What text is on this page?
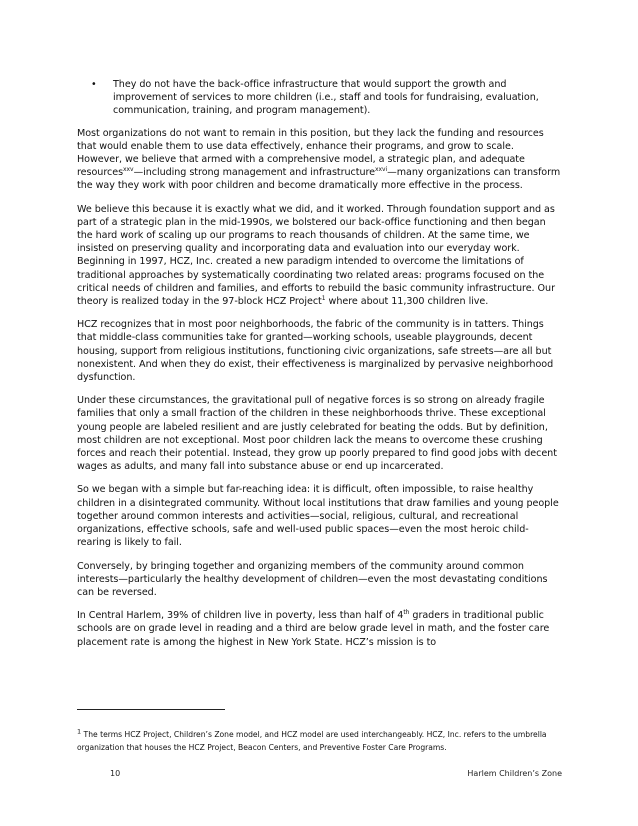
•	They do not have the back-office infrastructure that would support the growth and improvement of services to more children (i.e., staff and tools for fundraising, evaluation, communication, training, and program management).

Most organizations do not want to remain in this position, but they lack the funding and resources that would enable them to use data effectively, enhance their programs, and grow to scale. However, we believe that armed with a comprehensive model, a strategic plan, and adequate resources$^{xxv}$—including strong management and infrastructure$^{xxvi}$—many organizations can transform the way they work with poor children and become dramatically more effective in the process.

We believe this because it is exactly what we did, and it worked. Through foundation support and as part of a strategic plan in the mid-1990s, we bolstered our back-office functioning and then began the hard work of scaling up our programs to reach thousands of children. At the same time, we insisted on preserving quality and incorporating data and evaluation into our everyday work. Beginning in 1997, HCZ, Inc. created a new paradigm intended to overcome the limitations of traditional approaches by systematically coordinating two related areas: programs focused on the critical needs of children and families, and efforts to rebuild the basic community infrastructure. Our theory is realized today in the 97-block HCZ Project$^1$ where about 11,300 children live.

HCZ recognizes that in most poor neighborhoods, the fabric of the community is in tatters. Things that middle-class communities take for granted—working schools, useable playgrounds, decent housing, support from religious institutions, functioning civic organizations, safe streets—are all but nonexistent. And when they do exist, their effectiveness is marginalized by pervasive neighborhood dysfunction.

Under these circumstances, the gravitational pull of negative forces is so strong on already fragile families that only a small fraction of the children in these neighborhoods thrive. These exceptional young people are labeled resilient and are justly celebrated for beating the odds. But by definition, most children are not exceptional. Most poor children lack the means to overcome these crushing forces and reach their potential. Instead, they grow up poorly prepared to find good jobs with decent wages as adults, and many fall into substance abuse or end up incarcerated.

So we began with a simple but far-reaching idea: it is difficult, often impossible, to raise healthy children in a disintegrated community. Without local institutions that draw families and young people together around common interests and activities—social, religious, cultural, and recreational organizations, effective schools, safe and well-used public spaces—even the most heroic child-rearing is likely to fail.

Conversely, by bringing together and organizing members of the community around common interests—particularly the healthy development of children—even the most devastating conditions can be reversed.

In Central Harlem, 39% of children live in poverty, less than half of 4th graders in traditional public schools are on grade level in reading and a third are below grade level in math, and the foster care placement rate is among the highest in New York State. HCZ’s mission is to

$^1$ The terms HCZ Project, Children’s Zone model, and HCZ model are used interchangeably. HCZ, Inc. refers to the umbrella organization that houses the HCZ Project, Beacon Centers, and Preventive Foster Care Programs.
10	Harlem Children’s Zone
